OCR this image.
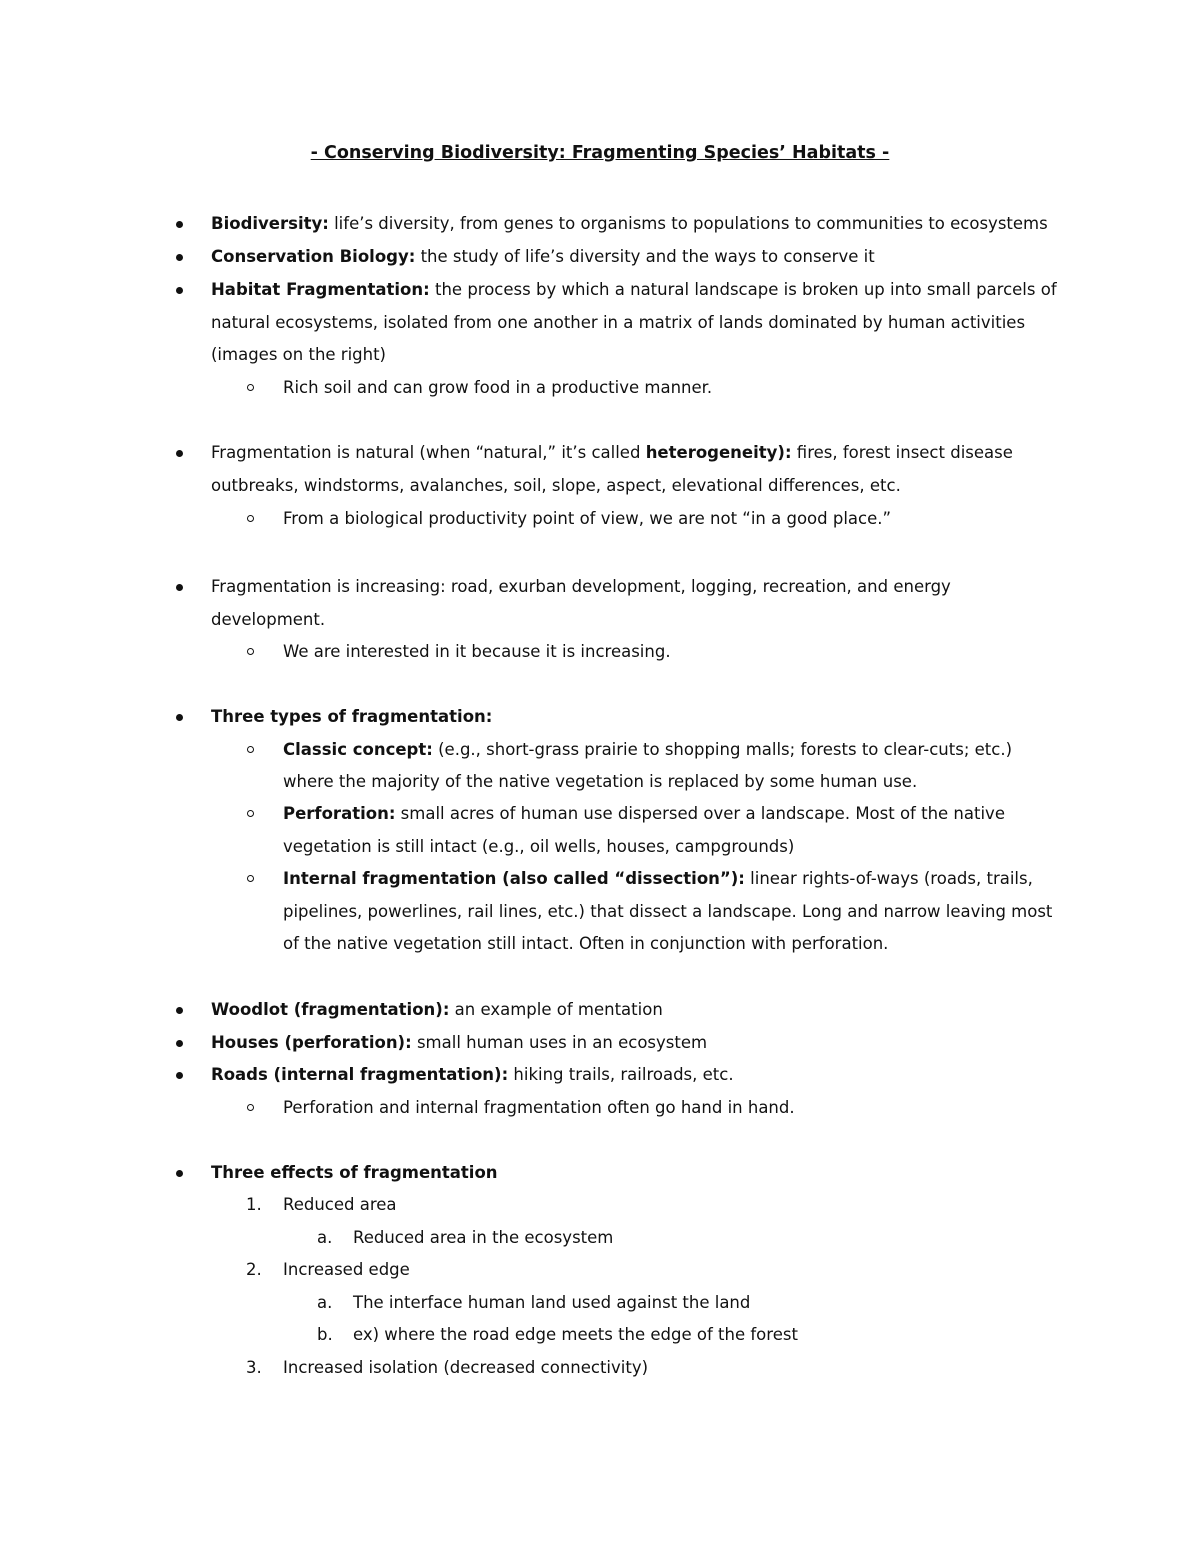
- Conserving Biodiversity: Fragmenting Species’ Habitats -
Biodiversity: life’s diversity, from genes to organisms to populations to communities to ecosystems
Conservation Biology: the study of life’s diversity and the ways to conserve it
Habitat Fragmentation: the process by which a natural landscape is broken up into small parcels of
natural ecosystems, isolated from one another in a matrix of lands dominated by human activities
(images on the right)
Rich soil and can grow food in a productive manner.
Fragmentation is natural (when “natural,” it’s called heterogeneity): fires, forest insect disease
outbreaks, windstorms, avalanches, soil, slope, aspect, elevational differences, etc.
From a biological productivity point of view, we are not “in a good place.”
Fragmentation is increasing: road, exurban development, logging, recreation, and energy
development.
We are interested in it because it is increasing.
Three types of fragmentation:
Classic concept: (e.g., short-grass prairie to shopping malls; forests to clear-cuts; etc.)
where the majority of the native vegetation is replaced by some human use.
Perforation: small acres of human use dispersed over a landscape. Most of the native
vegetation is still intact (e.g., oil wells, houses, campgrounds)
Internal fragmentation (also called “dissection”): linear rights-of-ways (roads, trails,
pipelines, powerlines, rail lines, etc.) that dissect a landscape. Long and narrow leaving most
of the native vegetation still intact. Often in conjunction with perforation.
Woodlot (fragmentation): an example of mentation
Houses (perforation): small human uses in an ecosystem
Roads (internal fragmentation): hiking trails, railroads, etc.
Perforation and internal fragmentation often go hand in hand.
Three effects of fragmentation
1. Reduced area
a. Reduced area in the ecosystem
2. Increased edge
a. The interface human land used against the land
b. ex) where the road edge meets the edge of the forest
3. Increased isolation (decreased connectivity)
